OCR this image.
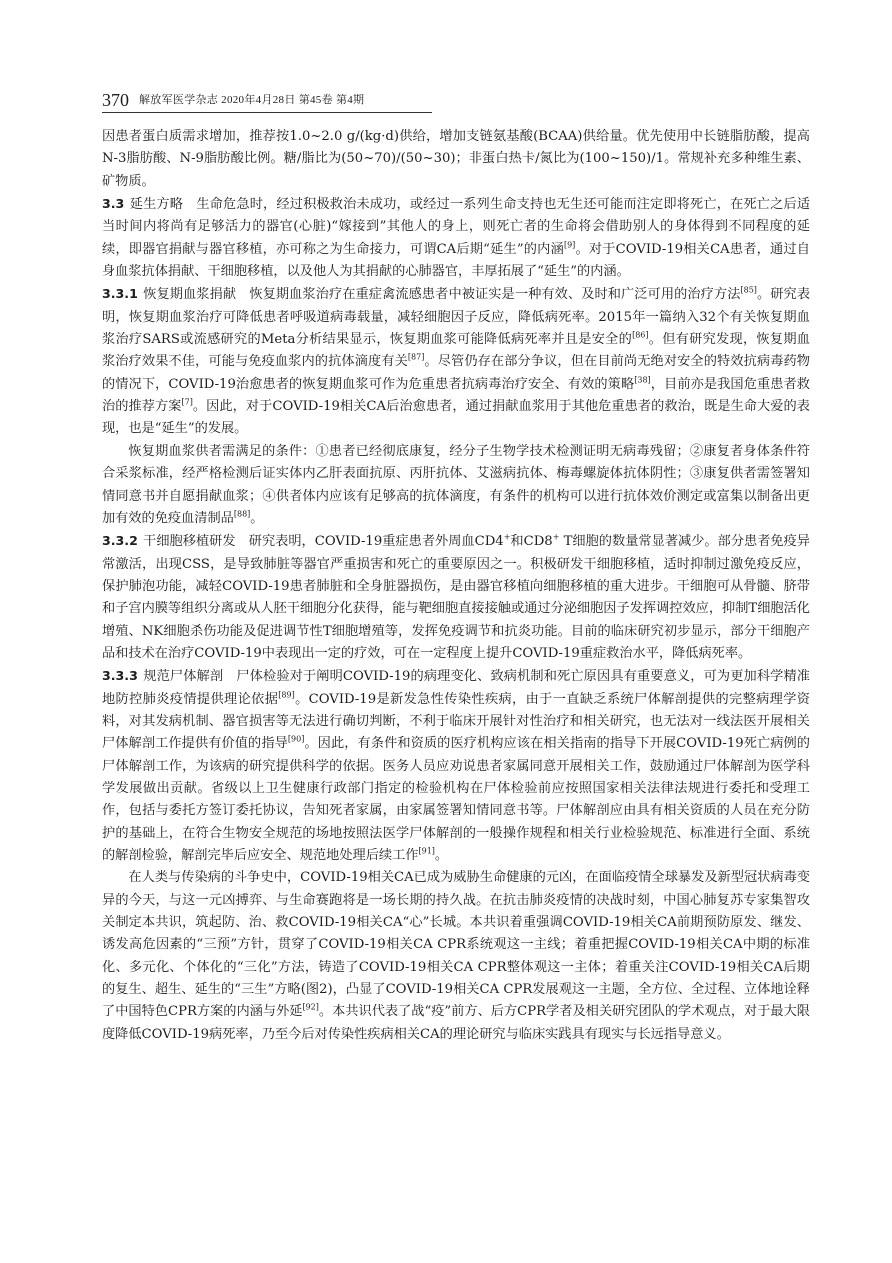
370 解放军医学杂志 2020年4月28日 第45卷 第4期

因患者蛋白质需求增加，推荐按1.0~2.0 g/(kg·d)供给，增加支链氨基酸(BCAA)供给量。优先使用中长链脂肪酸，提高N-3脂肪酸、N-9脂肪酸比例。糖/脂比为(50~70)/(50~30)；非蛋白热卡/氮比为(100~150)/1。常规补充多种维生素、矿物质。

3.3 延生方略 生命危急时，经过积极救治未成功，或经过一系列生命支持也无生还可能而注定即将死亡，在死亡之后适当时间内将尚有足够活力的器官(心脏)“嫁接到”其他人的身上，则死亡者的生命将会借助别人的身体得到不同程度的延续，即器官捐献与器官移植，亦可称之为生命接力，可谓CA后期“延生”的内涵[9]。对于COVID-19相关CA患者，通过自身血浆抗体捐献、干细胞移植，以及他人为其捐献的心肺器官，丰厚拓展了“延生”的内涵。

3.3.1 恢复期血浆捐献 恢复期血浆治疗在重症禽流感患者中被证实是一种有效、及时和广泛可用的治疗方法[85]。研究表明，恢复期血浆治疗可降低患者呼吸道病毒载量，减轻细胞因子反应，降低病死率。2015年一篇纳入32个有关恢复期血浆治疗SARS或流感研究的Meta分析结果显示，恢复期血浆可能降低病死率并且是安全的[86]。但有研究发现，恢复期血浆治疗效果不佳，可能与免疫血浆内的抗体滴度有关[87]。尽管仍存在部分争议，但在目前尚无绝对安全的特效抗病毒药物的情况下，COVID-19治愈患者的恢复期血浆可作为危重患者抗病毒治疗安全、有效的策略[38]，目前亦是我国危重患者救治的推荐方案[7]。因此，对于COVID-19相关CA后治愈患者，通过捐献血浆用于其他危重患者的救治，既是生命大爱的表现，也是“延生”的发展。

恢复期血浆供者需满足的条件：①患者已经彻底康复，经分子生物学技术检测证明无病毒残留；②康复者身体条件符合采浆标准，经严格检测后证实体内乙肝表面抗原、丙肝抗体、艾滋病抗体、梅毒螺旋体抗体阴性；③康复供者需签署知情同意书并自愿捐献血浆；④供者体内应该有足够高的抗体滴度，有条件的机构可以进行抗体效价测定或富集以制备出更加有效的免疫血清制品[88]。

3.3.2 干细胞移植研发 研究表明，COVID-19重症患者外周血CD4+和CD8+ T细胞的数量常显著减少。部分患者免疫异常激活，出现CSS，是导致肺脏等器官严重损害和死亡的重要原因之一。积极研发干细胞移植，适时抑制过激免疫反应，保护肺泡功能，减轻COVID-19患者肺脏和全身脏器损伤，是由器官移植向细胞移植的重大进步。干细胞可从骨髓、脐带和子宫内膜等组织分离或从人胚干细胞分化获得，能与靶细胞直接接触或通过分泌细胞因子发挥调控效应，抑制T细胞活化增殖、NK细胞杀伤功能及促进调节性T细胞增殖等，发挥免疫调节和抗炎功能。目前的临床研究初步显示，部分干细胞产品和技术在治疗COVID-19中表现出一定的疗效，可在一定程度上提升COVID-19重症救治水平，降低病死率。

3.3.3 规范尸体解剖 尸体检验对于阐明COVID-19的病理变化、致病机制和死亡原因具有重要意义，可为更加科学精准地防控肺炎疫情提供理论依据[89]。COVID-19是新发急性传染性疾病，由于一直缺乏系统尸体解剖提供的完整病理学资料，对其发病机制、器官损害等无法进行确切判断，不利于临床开展针对性治疗和相关研究，也无法对一线法医开展相关尸体解剖工作提供有价值的指导[90]。因此，有条件和资质的医疗机构应该在相关指南的指导下开展COVID-19死亡病例的尸体解剖工作，为该病的研究提供科学的依据。医务人员应劝说患者家属同意开展相关工作，鼓励通过尸体解剖为医学科学发展做出贡献。省级以上卫生健康行政部门指定的检验机构在尸体检验前应按照国家相关法律法规进行委托和受理工作，包括与委托方签订委托协议，告知死者家属，由家属签署知情同意书等。尸体解剖应由具有相关资质的人员在充分防护的基础上，在符合生物安全规范的场地按照法医学尸体解剖的一般操作规程和相关行业检验规范、标准进行全面、系统的解剖检验，解剖完毕后应安全、规范地处理后续工作[91]。

在人类与传染病的斗争史中，COVID-19相关CA已成为威胁生命健康的元凶，在面临疫情全球暴发及新型冠状病毒变异的今天，与这一元凶搏弈、与生命赛跑将是一场长期的持久战。在抗击肺炎疫情的决战时刻，中国心肺复苏专家集智攻关制定本共识，筑起防、治、救COVID-19相关CA“心”长城。本共识着重强调COVID-19相关CA前期预防原发、继发、诱发高危因素的“三预”方针，贯穿了COVID-19相关CA CPR系统观这一主线；着重把握COVID-19相关CA中期的标准化、多元化、个体化的“三化”方法，铸造了COVID-19相关CA CPR整体观这一主体；着重关注COVID-19相关CA后期的复生、超生、延生的“三生”方略(图2)，凸显了COVID-19相关CA CPR发展观这一主题，全方位、全过程、立体地诠释了中国特色CPR方案的内涵与外延[92]。本共识代表了战“疫”前方、后方CPR学者及相关研究团队的学术观点，对于最大限度降低COVID-19病死率，乃至今后对传染性疾病相关CA的理论研究与临床实践具有现实与长远指导意义。
